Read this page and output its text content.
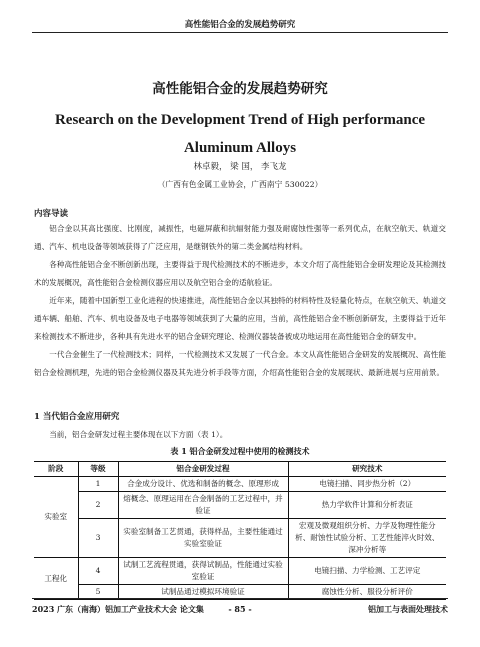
高性能铝合金的发展趋势研究
高性能铝合金的发展趋势研究
Research on the Development Trend of High performance Aluminum Alloys
林卓毅， 梁 国， 李飞龙
（广西有色金属工业协会，广西南宁 530022）
内容导读

铝合金以其高比强度、比刚度，减振性，电磁屏蔽和抗辐射能力强及耐腐蚀性强等一系列优点，在航空航天、轨道交通、汽车、机电设备等领域获得了广泛应用，是继钢铁外的第二类金属结构材料。

各种高性能铝合金不断创新出现，主要得益于现代检测技术的不断进步，本文介绍了高性能铝合金研发理论及其检测技术的发展概况，高性能铝合金检测仪器应用以及航空铝合金的适航验证。

近年来，随着中国新型工业化进程的快速推进，高性能铝合金以其独特的材料特性及轻量化特点，在航空航天、轨道交通车辆、船舶、汽车、机电设备及电子电器等领域获到了大量的应用，当前，高性能铝合金不断创新研发，主要得益于近年来检测技术不断进步，各种具有先进水平的铝合金研究理论、检测仪器装备被成功地运用在高性能铝合金的研发中。

一代合金催生了一代检测技术；同样，一代检测技术又发展了一代合金。本文从高性能铝合金研发的发展概况、高性能铝合金检测机理，先进的铝合金检测仪器及其先进分析手段等方面，介绍高性能铝合金的发展现状、最新进展与应用前景。

1 当代铝合金应用研究

当前，铝合金研发过程主要体现在以下方面（表 1）。

表 1 铝合金研发过程中使用的检测技术
阶段	等级	铝合金研发过程	研究技术
实验室	1	合金成分设计、优选和制备的概念、原理形成	电镜扫描、同步热分析（2）
	2	熔概念、原理运用在合金制备的工艺过程中，并验证	热力学软件计算和分析表证
	3	实验室制备工艺贯通，获得样品，主要性能通过实验室验证	宏观及微观组织分析、力学及物理性能分析、耐蚀性试验分析、工艺性能淬火时效、深冲分析等
工程化	4	试制工艺流程贯通，获得试制品，性能通过实验室验证	电镜扫描、力学检测、工艺评定
	5	试制品通过模拟环境验证	腐蚀性分析、服役分析评价
2023 广东（南海）铝加工产业技术大会 论文集	- 85 -	铝加工与表面处理技术
